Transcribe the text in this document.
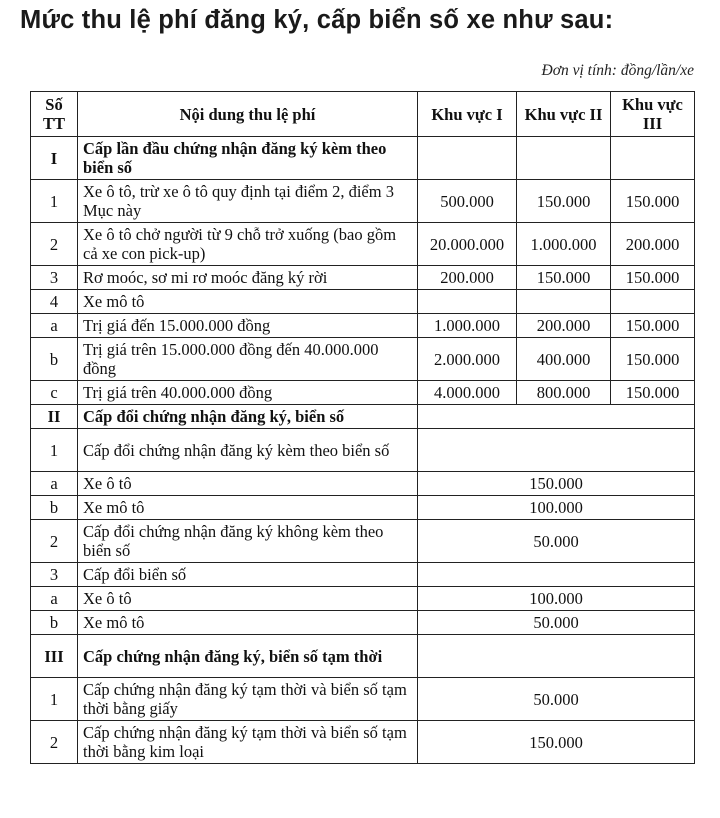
Mức thu lệ phí đăng ký, cấp biển số xe như sau:
Đơn vị tính: đồng/lần/xe
Số TT	Nội dung thu lệ phí	Khu vực I	Khu vực II	Khu vực III
I	Cấp lần đầu chứng nhận đăng ký kèm theo biển số			
1	Xe ô tô, trừ xe ô tô quy định tại điểm 2, điểm 3 Mục này	500.000	150.000	150.000
2	Xe ô tô chở người từ 9 chỗ trở xuống (bao gồm cả xe con pick-up)	20.000.000	1.000.000	200.000
3	Rơ moóc, sơ mi rơ moóc đăng ký rời	200.000	150.000	150.000
4	Xe mô tô			
a	Trị giá đến 15.000.000 đồng	1.000.000	200.000	150.000
b	Trị giá trên 15.000.000 đồng đến 40.000.000 đồng	2.000.000	400.000	150.000
c	Trị giá trên 40.000.000 đồng	4.000.000	800.000	150.000
II	Cấp đổi chứng nhận đăng ký, biển số			
1	Cấp đổi chứng nhận đăng ký kèm theo biển số			
a	Xe ô tô	150.000		
b	Xe mô tô	100.000		
2	Cấp đổi chứng nhận đăng ký không kèm theo biển số	50.000		
3	Cấp đổi biển số			
a	Xe ô tô	100.000		
b	Xe mô tô	50.000		
III	Cấp chứng nhận đăng ký, biển số tạm thời			
1	Cấp chứng nhận đăng ký tạm thời và biển số tạm thời bằng giấy	50.000		
2	Cấp chứng nhận đăng ký tạm thời và biển số tạm thời bằng kim loại	150.000		
